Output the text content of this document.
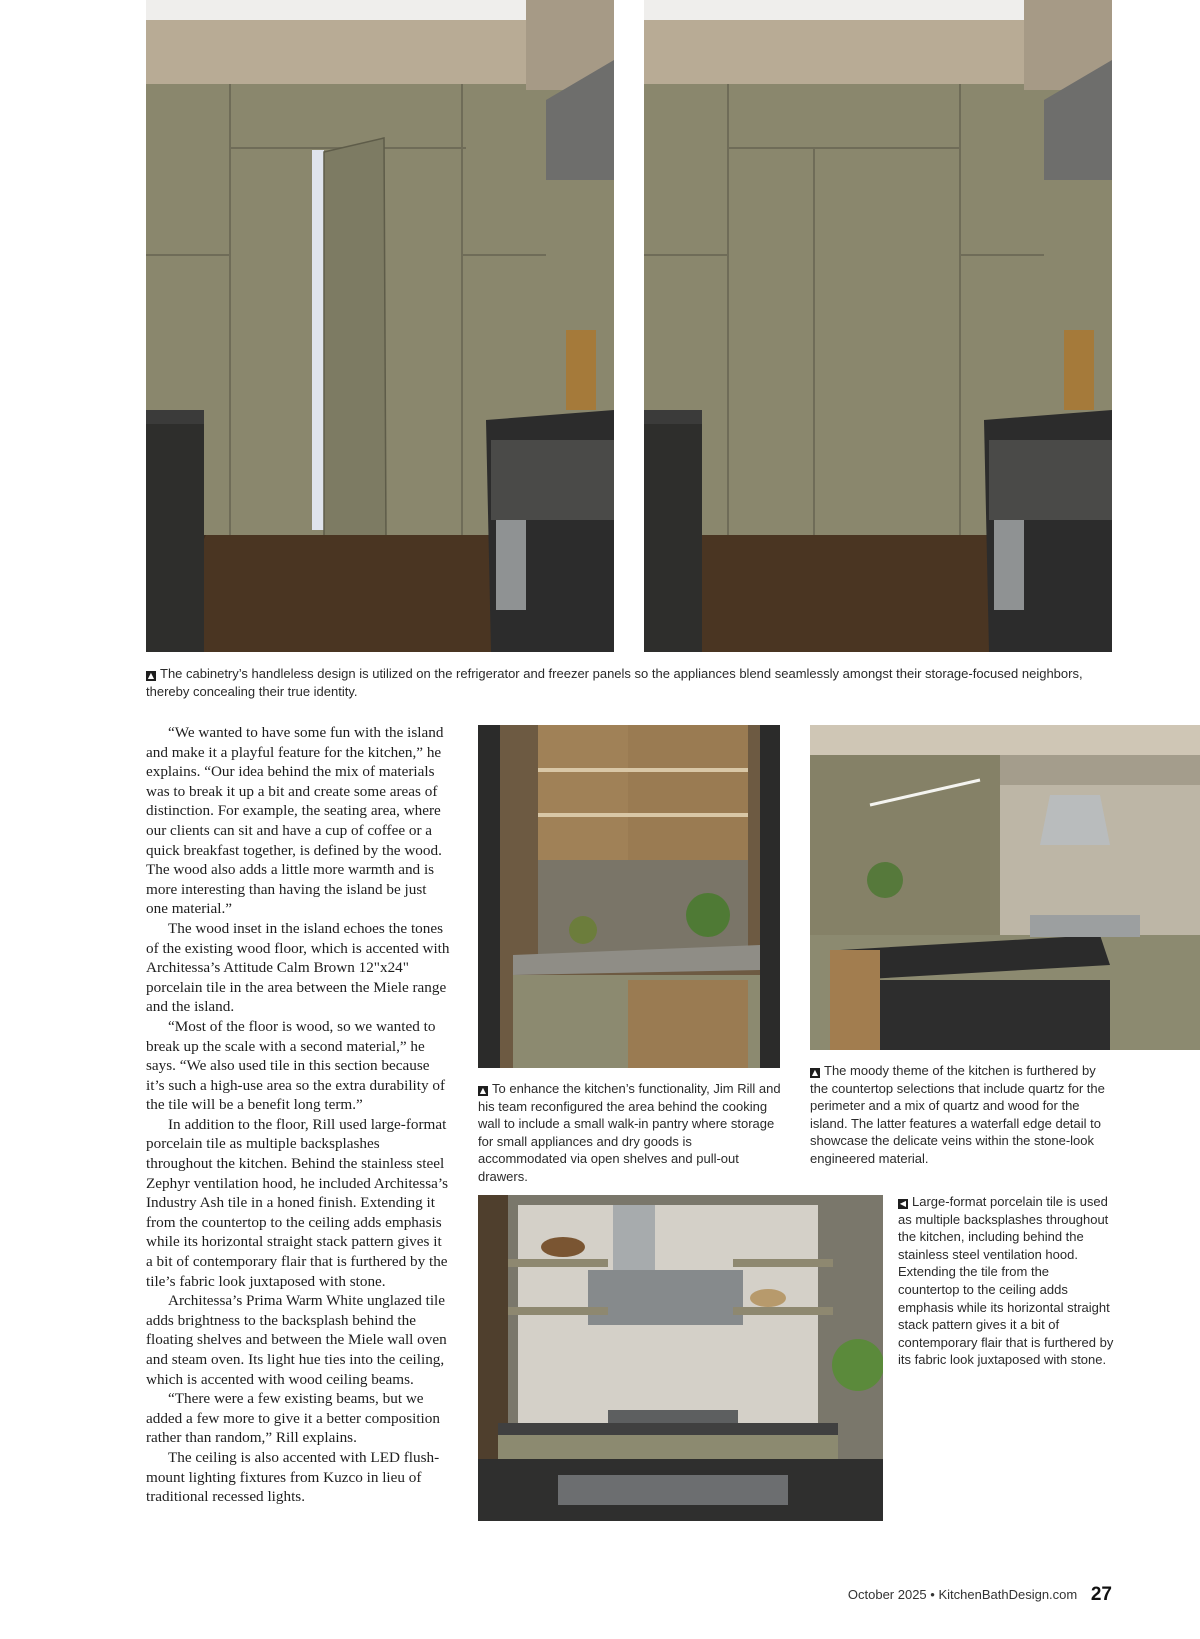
▲ The cabinetry’s handleless design is utilized on the refrigerator and freezer panels so the appliances blend seamlessly amongst their storage-focused neighbors, thereby concealing their true identity.

“We wanted to have some fun with the island and make it a playful feature for the kitchen,” he explains. “Our idea behind the mix of materials was to break it up a bit and create some areas of distinction. For example, the seating area, where our clients can sit and have a cup of coffee or a quick breakfast together, is defined by the wood. The wood also adds a little more warmth and is more interesting than having the island be just one material.”

The wood inset in the island echoes the tones of the existing wood floor, which is accented with Architessa’s Attitude Calm Brown 12"x24" porcelain tile in the area between the Miele range and the island.

“Most of the floor is wood, so we wanted to break up the scale with a second material,” he says. “We also used tile in this section because it’s such a high-use area so the extra durability of the tile will be a benefit long term.”

In addition to the floor, Rill used large-format porcelain tile as multiple backsplashes throughout the kitchen. Behind the stainless steel Zephyr ventilation hood, he included Architessa’s Industry Ash tile in a honed finish. Extending it from the countertop to the ceiling adds emphasis while its horizontal straight stack pattern gives it a bit of contemporary flair that is furthered by the tile’s fabric look juxtaposed with stone.

Architessa’s Prima Warm White unglazed tile adds brightness to the backsplash behind the floating shelves and between the Miele wall oven and steam oven. Its light hue ties into the ceiling, which is accented with wood ceiling beams.

“There were a few existing beams, but we added a few more to give it a better composition rather than random,” Rill explains.

The ceiling is also accented with LED flush-mount lighting fixtures from Kuzco in lieu of traditional recessed lights.

▲ To enhance the kitchen’s functionality, Jim Rill and his team reconfigured the area behind the cooking wall to include a small walk-in pantry where storage for small appliances and dry goods is accommodated via open shelves and pull-out drawers.
▲ The moody theme of the kitchen is furthered by the countertop selections that include quartz for the perimeter and a mix of quartz and wood for the island. The latter features a waterfall edge detail to showcase the delicate veins within the stone-look engineered material.
◀ Large-format porcelain tile is used as multiple backsplashes throughout the kitchen, including behind the stainless steel ventilation hood. Extending the tile from the countertop to the ceiling adds emphasis while its horizontal straight stack pattern gives it a bit of contemporary flair that is furthered by its fabric look juxtaposed with stone.
October 2025 • KitchenBathDesign.com 27
